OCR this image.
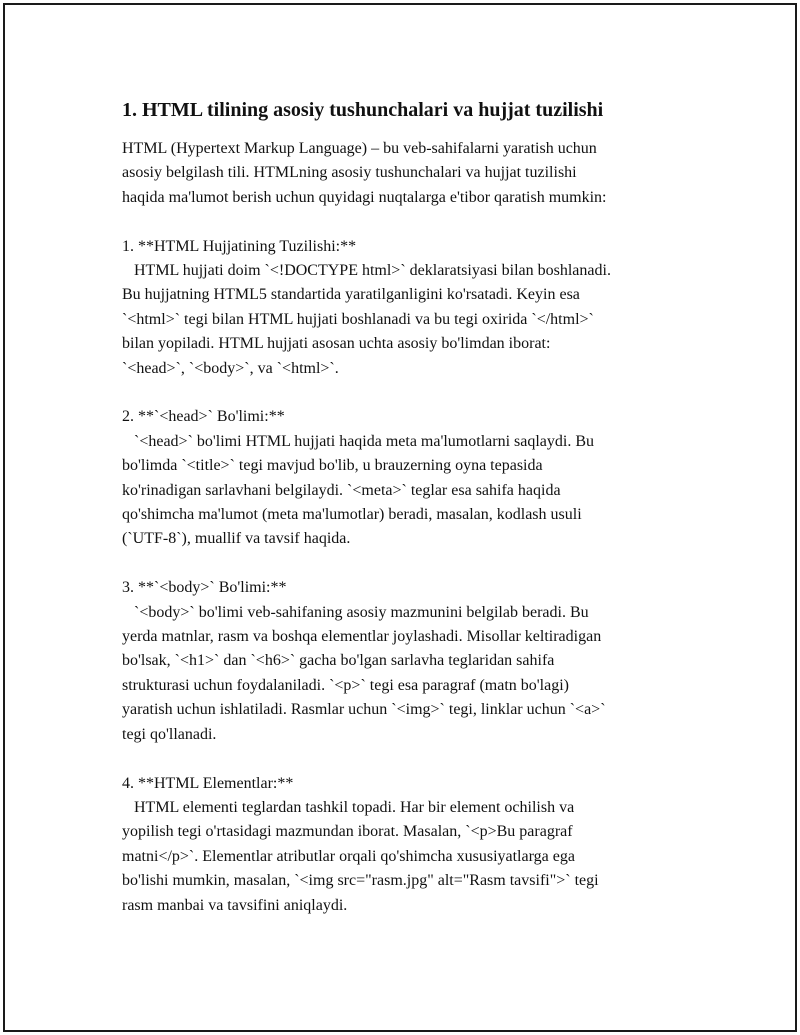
1. HTML tilining asosiy tushunchalari va hujjat tuzilishi

HTML (Hypertext Markup Language) – bu veb-sahifalarni yaratish uchun

asosiy belgilash tili. HTMLning asosiy tushunchalari va hujjat tuzilishi

haqida ma'lumot berish uchun quyidagi nuqtalarga e'tibor qaratish mumkin:

1. **HTML Hujjatining Tuzilishi:**

HTML hujjati doim `<!DOCTYPE html>` deklaratsiyasi bilan boshlanadi.

Bu hujjatning HTML5 standartida yaratilganligini ko'rsatadi. Keyin esa

`<html>` tegi bilan HTML hujjati boshlanadi va bu tegi oxirida `</html>`

bilan yopiladi. HTML hujjati asosan uchta asosiy bo'limdan iborat:

`<head>`, `<body>`, va `<html>`.

2. **`<head>` Bo'limi:**

`<head>` bo'limi HTML hujjati haqida meta ma'lumotlarni saqlaydi. Bu

bo'limda `<title>` tegi mavjud bo'lib, u brauzerning oyna tepasida

ko'rinadigan sarlavhani belgilaydi. `<meta>` teglar esa sahifa haqida

qo'shimcha ma'lumot (meta ma'lumotlar) beradi, masalan, kodlash usuli

(`UTF-8`), muallif va tavsif haqida.

3. **`<body>` Bo'limi:**

`<body>` bo'limi veb-sahifaning asosiy mazmunini belgilab beradi. Bu

yerda matnlar, rasm va boshqa elementlar joylashadi. Misollar keltiradigan

bo'lsak, `<h1>` dan `<h6>` gacha bo'lgan sarlavha teglaridan sahifa

strukturasi uchun foydalaniladi. `<p>` tegi esa paragraf (matn bo'lagi)

yaratish uchun ishlatiladi. Rasmlar uchun `<img>` tegi, linklar uchun `<a>`

tegi qo'llanadi.

4. **HTML Elementlar:**

HTML elementi teglardan tashkil topadi. Har bir element ochilish va

yopilish tegi o'rtasidagi mazmundan iborat. Masalan, `<p>Bu paragraf

matni</p>`. Elementlar atributlar orqali qo'shimcha xususiyatlarga ega

bo'lishi mumkin, masalan, `<img src="rasm.jpg" alt="Rasm tavsifi">` tegi

rasm manbai va tavsifini aniqlaydi.
